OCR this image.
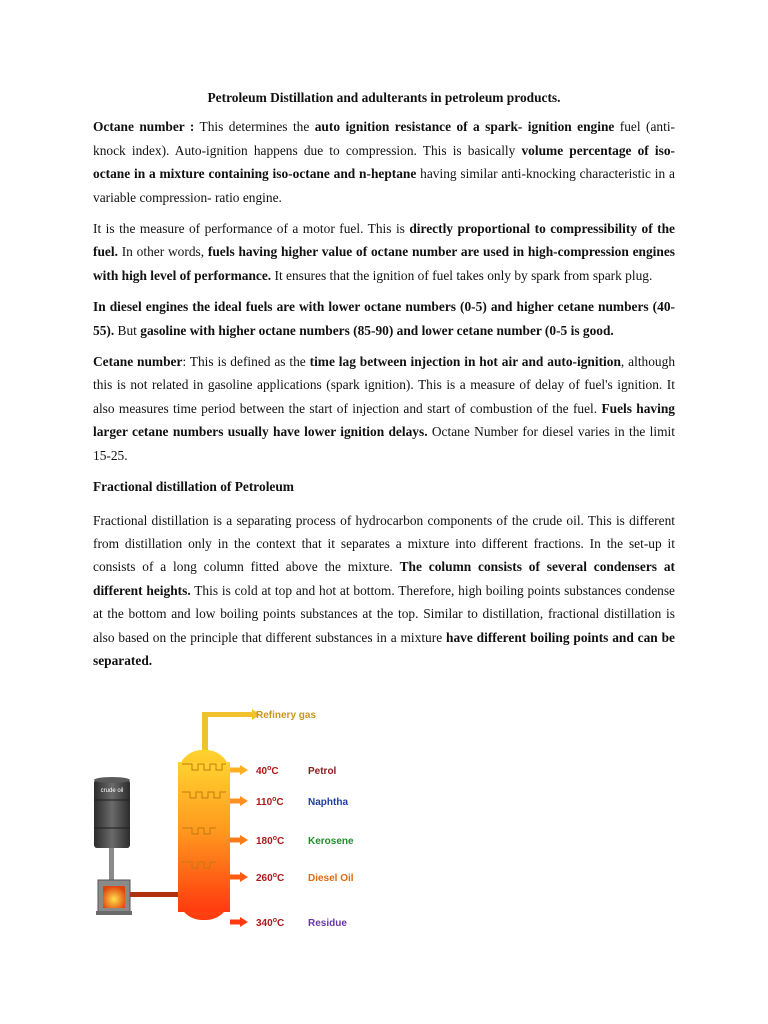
Petroleum Distillation and adulterants in petroleum products.

Octane number : This determines the auto ignition resistance of a spark- ignition engine fuel (anti-knock index). Auto-ignition happens due to compression. This is basically volume percentage of iso-octane in a mixture containing iso-octane and n-heptane having similar anti-knocking characteristic in a variable compression- ratio engine.

It is the measure of performance of a motor fuel. This is directly proportional to compressibility of the fuel. In other words, fuels having higher value of octane number are used in high-compression engines with high level of performance. It ensures that the ignition of fuel takes only by spark from spark plug.

In diesel engines the ideal fuels are with lower octane numbers (0-5) and higher cetane numbers (40-55). But gasoline with higher octane numbers (85-90) and lower cetane number (0-5 is good.

Cetane number: This is defined as the time lag between injection in hot air and auto-ignition, although this is not related in gasoline applications (spark ignition). This is a measure of delay of fuel's ignition. It also measures time period between the start of injection and start of combustion of the fuel. Fuels having larger cetane numbers usually have lower ignition delays. Octane Number for diesel varies in the limit 15-25.

Fractional distillation of Petroleum

Fractional distillation is a separating process of hydrocarbon components of the crude oil. This is different from distillation only in the context that it separates a mixture into different fractions. In the set-up it consists of a long column fitted above the mixture. The column consists of several condensers at different heights. This is cold at top and hot at bottom. Therefore, high boiling points substances condense at the bottom and low boiling points substances at the top. Similar to distillation, fractional distillation is also based on the principle that different substances in a mixture have different boiling points and can be separated.

crude oil
Refinery gas
40$^o$C	Petrol
110$^o$C Naphtha
180$^o$C Kerosene
260$^o$C Diesel Oil
340$^o$C Residue
